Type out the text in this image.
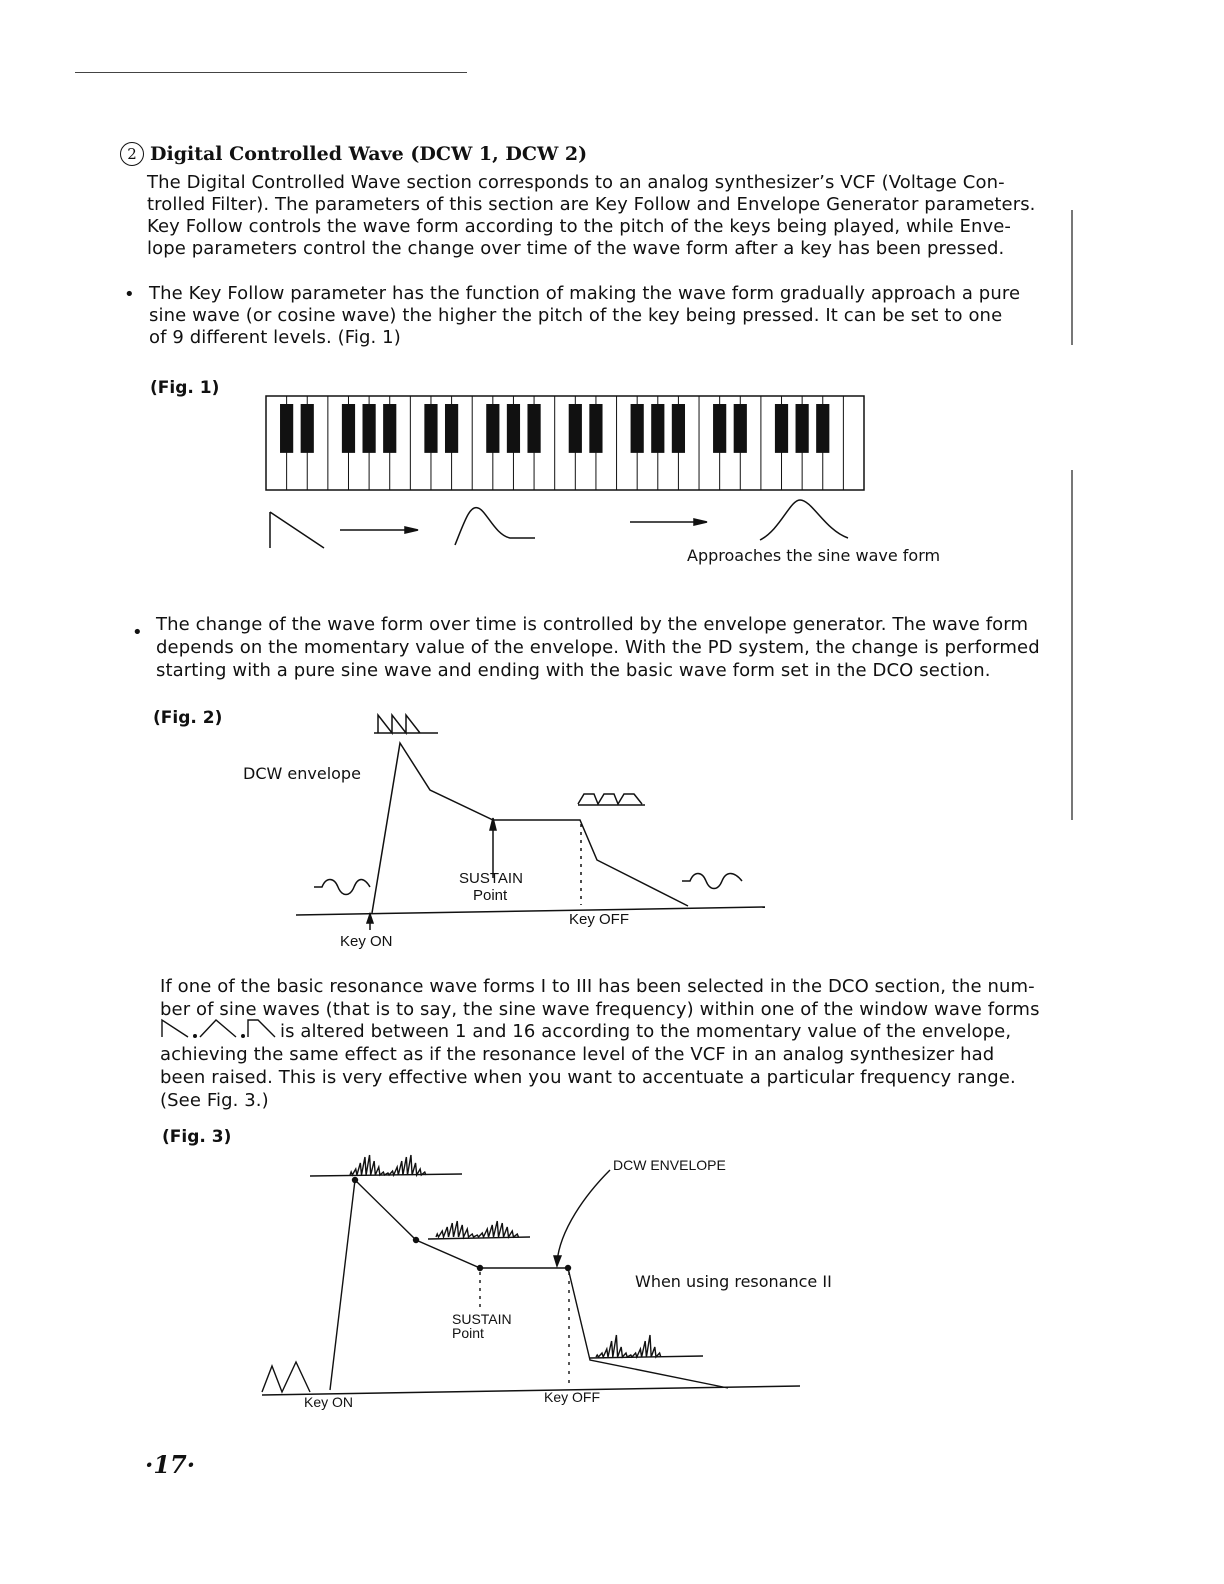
2 Digital Controlled Wave (DCW 1, DCW 2)
The Digital Controlled Wave section corresponds to an analog synthesizer’s VCF (Voltage Con-
trolled Filter). The parameters of this section are Key Follow and Envelope Generator parameters.
Key Follow controls the wave form according to the pitch of the keys being played, while Enve-
lope parameters control the change over time of the wave form after a key has been pressed.
• The Key Follow parameter has the function of making the wave form gradually approach a pure
sine wave (or cosine wave) the higher the pitch of the key being pressed. It can be set to one
of 9 different levels. (Fig. 1)
(Fig. 1)
Approaches the sine wave form
• The change of the wave form over time is controlled by the envelope generator. The wave form
depends on the momentary value of the envelope. With the PD system, the change is performed
starting with a pure sine wave and ending with the basic wave form set in the DCO section.
(Fig. 2)
DCW envelope
SUSTAIN
Point
Key ON
Key OFF
If one of the basic resonance wave forms I to III has been selected in the DCO section, the num-
ber of sine waves (that is to say, the sine wave frequency) within one of the window wave forms
is altered between 1 and 16 according to the momentary value of the envelope,
achieving the same effect as if the resonance level of the VCF in an analog synthesizer had
been raised. This is very effective when you want to accentuate a particular frequency range.
(See Fig. 3.)
(Fig. 3)
DCW ENVELOPE
When using resonance II
SUSTAIN
Point
Key ON	Key OFF
·17·
